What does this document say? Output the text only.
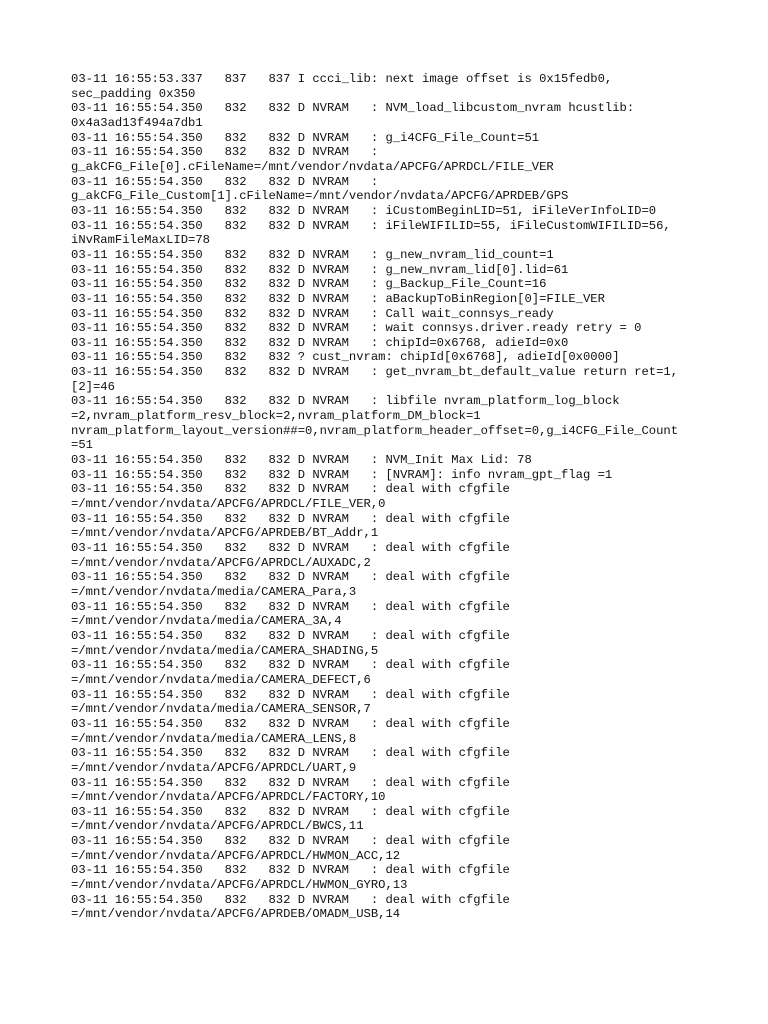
03-11 16:55:53.337   837   837 I ccci_lib: next image offset is 0x15fedb0,
sec_padding 0x350
03-11 16:55:54.350   832   832 D NVRAM   : NVM_load_libcustom_nvram hcustlib:
0x4a3ad13f494a7db1
03-11 16:55:54.350   832   832 D NVRAM   : g_i4CFG_File_Count=51
03-11 16:55:54.350   832   832 D NVRAM   :
g_akCFG_File[0].cFileName=/mnt/vendor/nvdata/APCFG/APRDCL/FILE_VER
03-11 16:55:54.350   832   832 D NVRAM   :
g_akCFG_File_Custom[1].cFileName=/mnt/vendor/nvdata/APCFG/APRDEB/GPS
03-11 16:55:54.350   832   832 D NVRAM   : iCustomBeginLID=51, iFileVerInfoLID=0
03-11 16:55:54.350   832   832 D NVRAM   : iFileWIFILID=55, iFileCustomWIFILID=56,
iNvRamFileMaxLID=78
03-11 16:55:54.350   832   832 D NVRAM   : g_new_nvram_lid_count=1
03-11 16:55:54.350   832   832 D NVRAM   : g_new_nvram_lid[0].lid=61
03-11 16:55:54.350   832   832 D NVRAM   : g_Backup_File_Count=16
03-11 16:55:54.350   832   832 D NVRAM   : aBackupToBinRegion[0]=FILE_VER
03-11 16:55:54.350   832   832 D NVRAM   : Call wait_connsys_ready
03-11 16:55:54.350   832   832 D NVRAM   : wait connsys.driver.ready retry = 0
03-11 16:55:54.350   832   832 D NVRAM   : chipId=0x6768, adieId=0x0
03-11 16:55:54.350   832   832 ? cust_nvram: chipId[0x6768], adieId[0x0000]
03-11 16:55:54.350   832   832 D NVRAM   : get_nvram_bt_default_value return ret=1,
[2]=46
03-11 16:55:54.350   832   832 D NVRAM   : libfile nvram_platform_log_block
=2,nvram_platform_resv_block=2,nvram_platform_DM_block=1
nvram_platform_layout_version##=0,nvram_platform_header_offset=0,g_i4CFG_File_Count
=51
03-11 16:55:54.350   832   832 D NVRAM   : NVM_Init Max Lid: 78
03-11 16:55:54.350   832   832 D NVRAM   : [NVRAM]: info nvram_gpt_flag =1
03-11 16:55:54.350   832   832 D NVRAM   : deal with cfgfile
=/mnt/vendor/nvdata/APCFG/APRDCL/FILE_VER,0
03-11 16:55:54.350   832   832 D NVRAM   : deal with cfgfile
=/mnt/vendor/nvdata/APCFG/APRDEB/BT_Addr,1
03-11 16:55:54.350   832   832 D NVRAM   : deal with cfgfile
=/mnt/vendor/nvdata/APCFG/APRDCL/AUXADC,2
03-11 16:55:54.350   832   832 D NVRAM   : deal with cfgfile
=/mnt/vendor/nvdata/media/CAMERA_Para,3
03-11 16:55:54.350   832   832 D NVRAM   : deal with cfgfile
=/mnt/vendor/nvdata/media/CAMERA_3A,4
03-11 16:55:54.350   832   832 D NVRAM   : deal with cfgfile
=/mnt/vendor/nvdata/media/CAMERA_SHADING,5
03-11 16:55:54.350   832   832 D NVRAM   : deal with cfgfile
=/mnt/vendor/nvdata/media/CAMERA_DEFECT,6
03-11 16:55:54.350   832   832 D NVRAM   : deal with cfgfile
=/mnt/vendor/nvdata/media/CAMERA_SENSOR,7
03-11 16:55:54.350   832   832 D NVRAM   : deal with cfgfile
=/mnt/vendor/nvdata/media/CAMERA_LENS,8
03-11 16:55:54.350   832   832 D NVRAM   : deal with cfgfile
=/mnt/vendor/nvdata/APCFG/APRDCL/UART,9
03-11 16:55:54.350   832   832 D NVRAM   : deal with cfgfile
=/mnt/vendor/nvdata/APCFG/APRDCL/FACTORY,10
03-11 16:55:54.350   832   832 D NVRAM   : deal with cfgfile
=/mnt/vendor/nvdata/APCFG/APRDCL/BWCS,11
03-11 16:55:54.350   832   832 D NVRAM   : deal with cfgfile
=/mnt/vendor/nvdata/APCFG/APRDCL/HWMON_ACC,12
03-11 16:55:54.350   832   832 D NVRAM   : deal with cfgfile
=/mnt/vendor/nvdata/APCFG/APRDCL/HWMON_GYRO,13
03-11 16:55:54.350   832   832 D NVRAM   : deal with cfgfile
=/mnt/vendor/nvdata/APCFG/APRDEB/OMADM_USB,14
